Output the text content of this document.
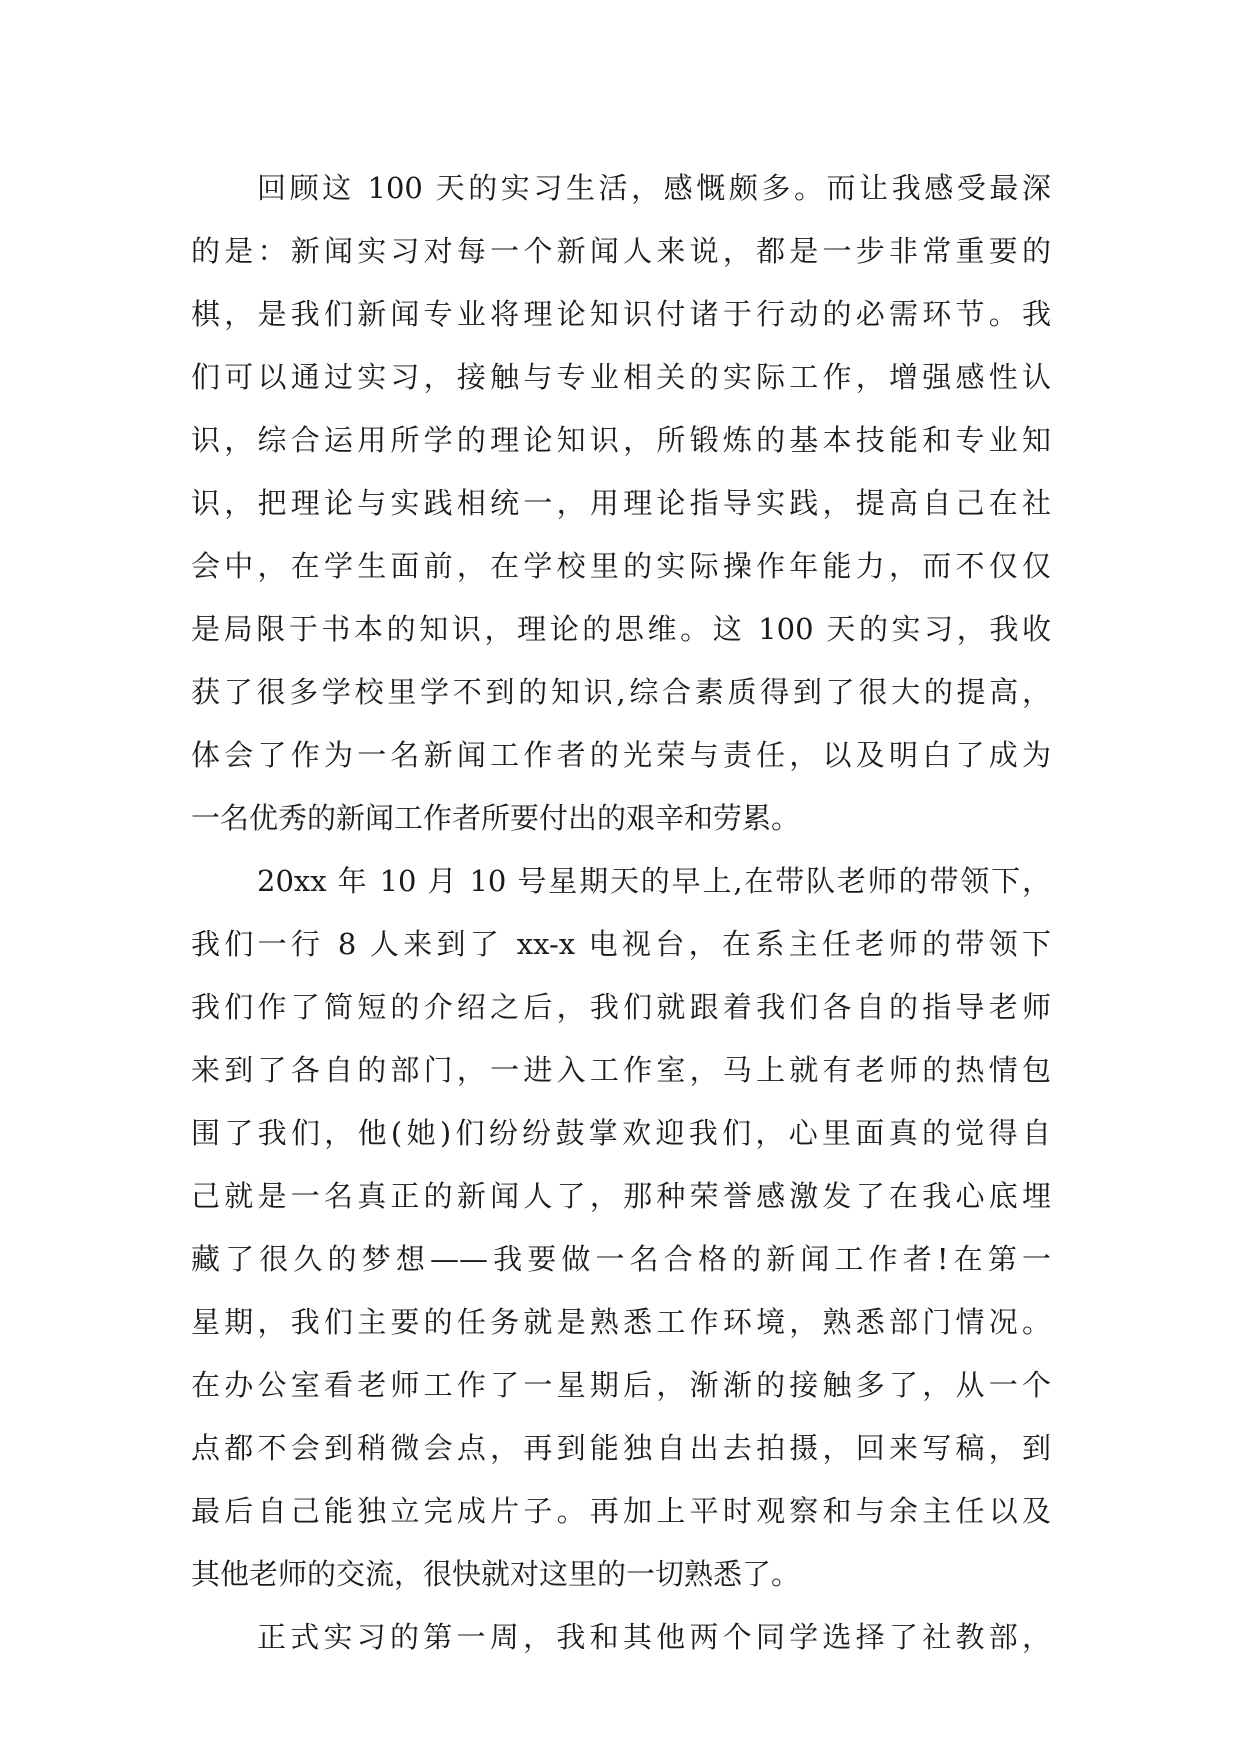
回顾这 100 天的实习生活，感慨颇多。而让我感受最深
的是：新闻实习对每一个新闻人来说，都是一步非常重要的
棋，是我们新闻专业将理论知识付诸于行动的必需环节。我
们可以通过实习，接触与专业相关的实际工作，增强感性认
识，综合运用所学的理论知识，所锻炼的基本技能和专业知
识，把理论与实践相统一，用理论指导实践，提高自己在社
会中，在学生面前，在学校里的实际操作年能力，而不仅仅
是局限于书本的知识，理论的思维。这 100 天的实习，我收
获了很多学校里学不到的知识,综合素质得到了很大的提高，
体会了作为一名新闻工作者的光荣与责任，以及明白了成为
一名优秀的新闻工作者所要付出的艰辛和劳累。
20xx 年 10 月 10 号星期天的早上,在带队老师的带领下，
我们一行 8 人来到了 xx-x 电视台，在系主任老师的带领下
我们作了简短的介绍之后，我们就跟着我们各自的指导老师
来到了各自的部门，一进入工作室，马上就有老师的热情包
围了我们，他(她)们纷纷鼓掌欢迎我们，心里面真的觉得自
己就是一名真正的新闻人了，那种荣誉感激发了在我心底埋
藏了很久的梦想——我要做一名合格的新闻工作者!在第一
星期，我们主要的任务就是熟悉工作环境，熟悉部门情况。
在办公室看老师工作了一星期后，渐渐的接触多了，从一个
点都不会到稍微会点，再到能独自出去拍摄，回来写稿，到
最后自己能独立完成片子。再加上平时观察和与余主任以及
其他老师的交流，很快就对这里的一切熟悉了。
正式实习的第一周，我和其他两个同学选择了社教部，
